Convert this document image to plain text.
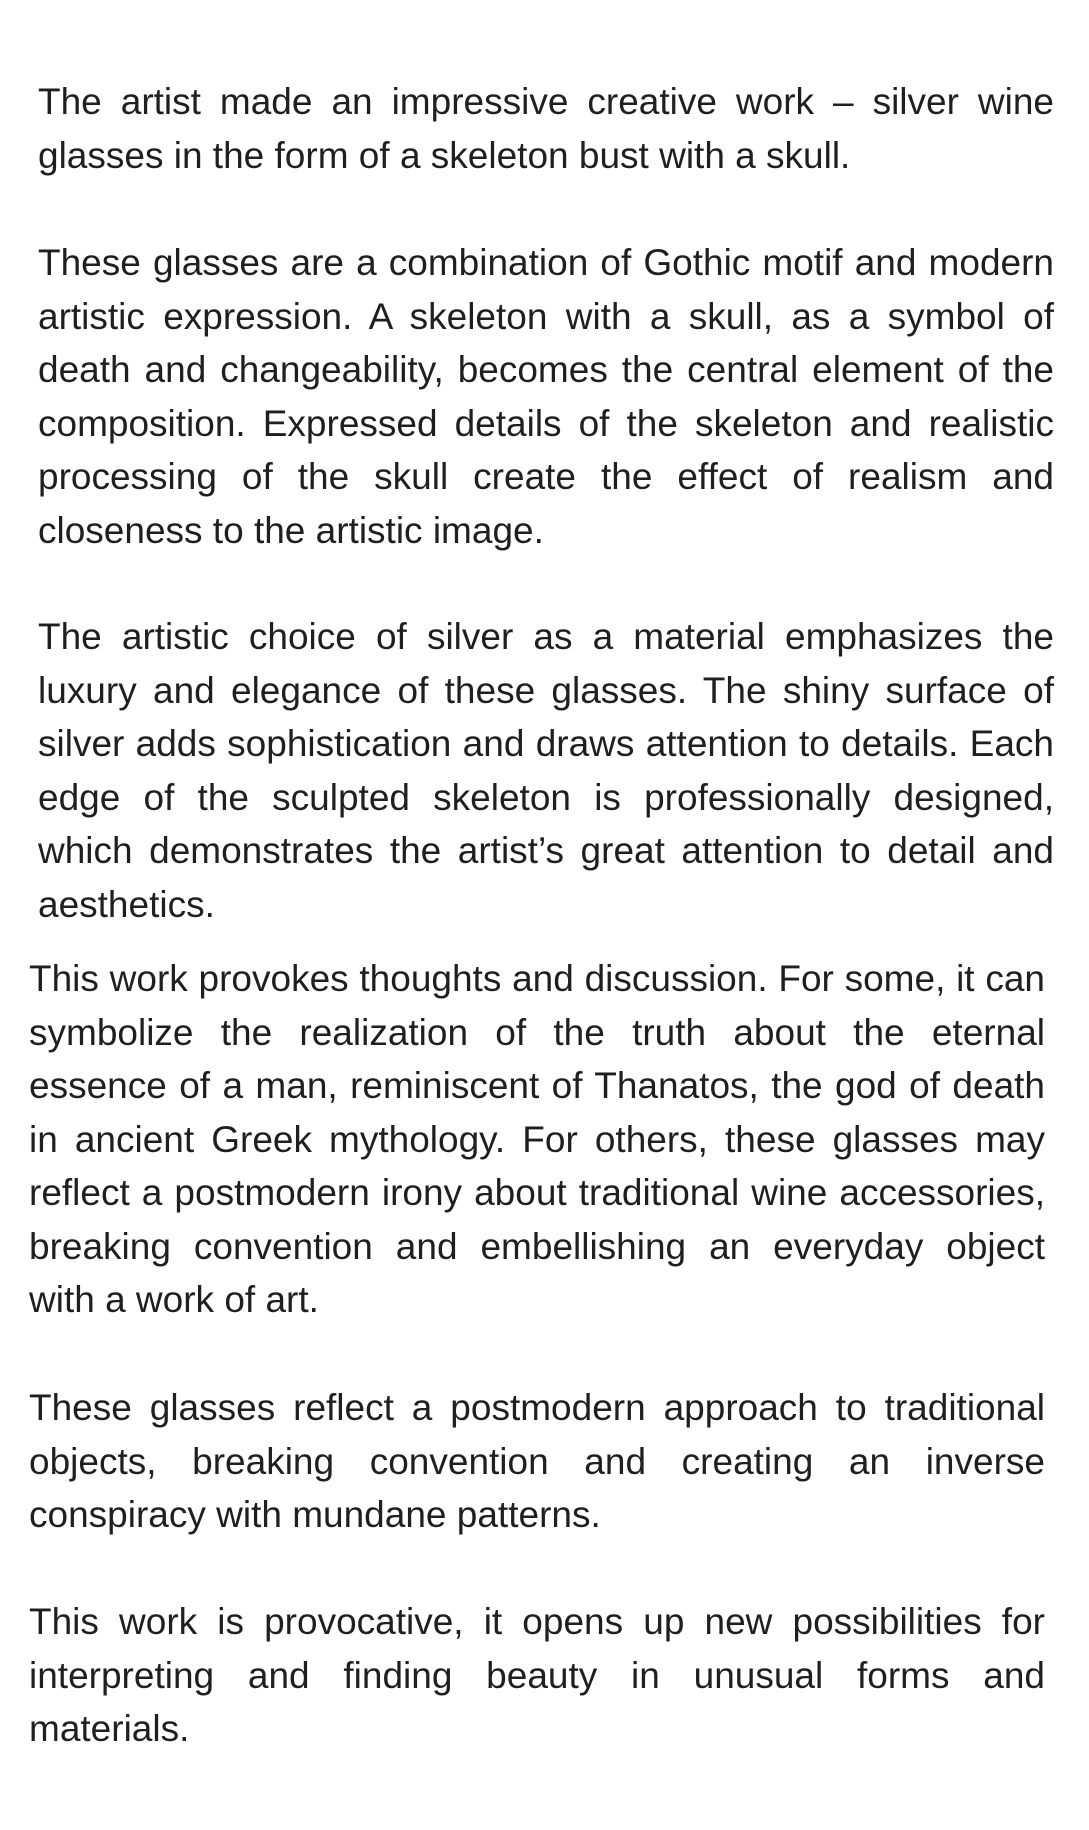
The artist made an impressive creative work – silver wine glasses in the form of a skeleton bust with a skull.

These glasses are a combination of Gothic motif and modern artistic expression. A skeleton with a skull, as a symbol of death and changeability, becomes the central element of the composition. Expressed details of the skeleton and realistic processing of the skull create the effect of realism and closeness to the artistic image.

The artistic choice of silver as a material emphasizes the luxury and elegance of these glasses. The shiny surface of silver adds sophistication and draws attention to details. Each edge of the sculpted skeleton is professionally designed, which demonstrates the artist’s great attention to detail and aesthetics.

This work provokes thoughts and discussion. For some, it can symbolize the realization of the truth about the eternal essence of a man, reminiscent of Thanatos, the god of death in ancient Greek mythology. For others, these glasses may reflect a postmodern irony about traditional wine accessories, breaking convention and embellishing an everyday object with a work of art.

These glasses reflect a postmodern approach to traditional objects, breaking convention and creating an inverse conspiracy with mundane patterns.

This work is provocative, it opens up new possibilities for interpreting and finding beauty in unusual forms and materials.
